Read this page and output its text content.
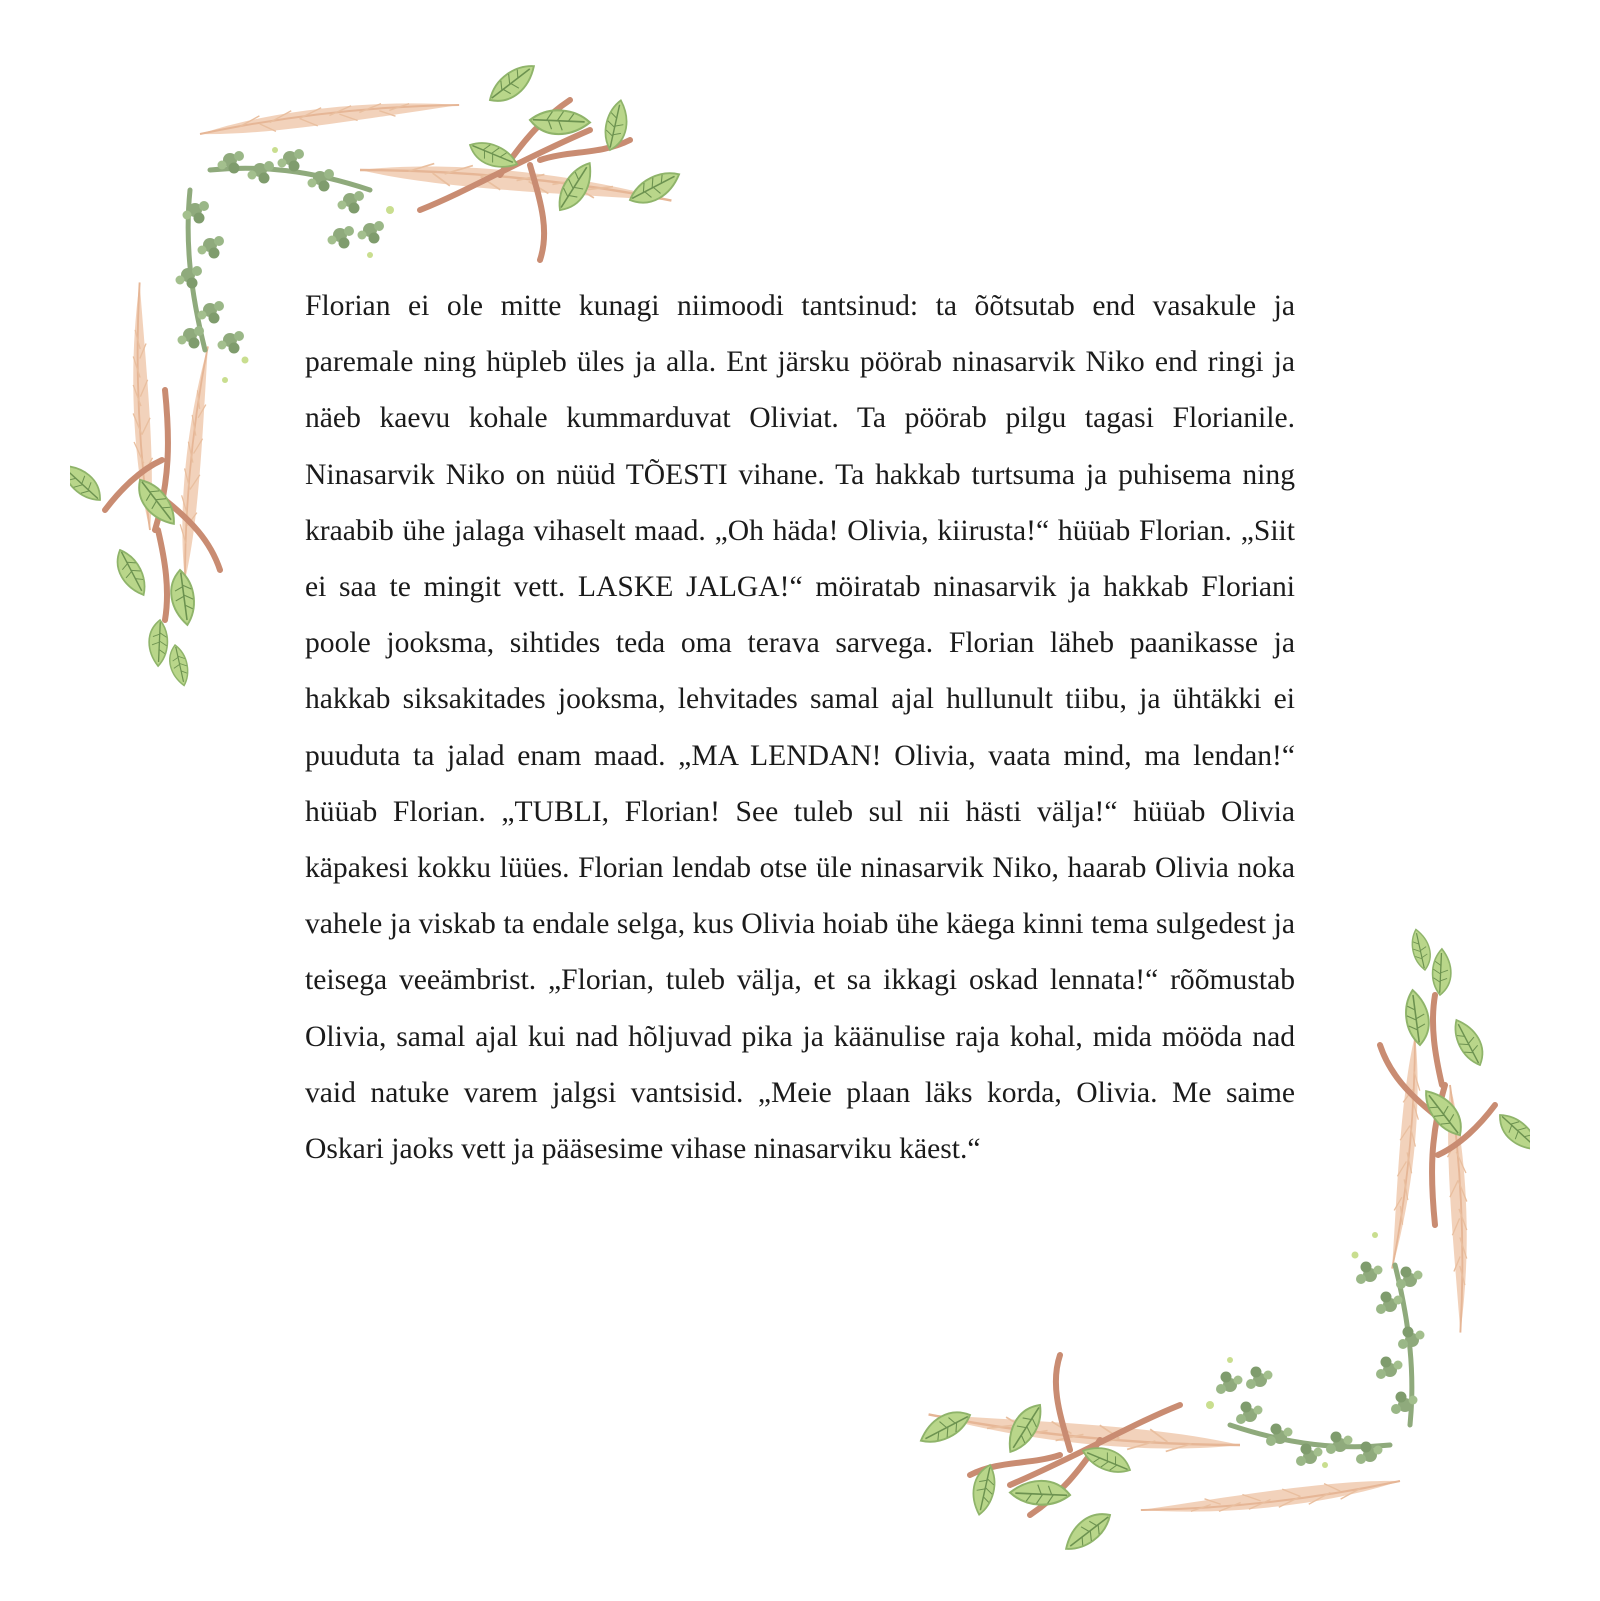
Florian ei ole mitte kunagi niimoodi tantsinud: ta õõtsutab end vasakule ja paremale ning hüpleb üles ja alla. Ent järsku pöörab ninasarvik Niko end ringi ja näeb kaevu kohale kummarduvat Oliviat. Ta pöörab pilgu tagasi Florianile. Ninasarvik Niko on nüüd TÕESTI vihane. Ta hakkab turtsuma ja puhisema ning kraabib ühe jalaga vihaselt maad. „Oh häda! Olivia, kiirusta!“ hüüab Florian. „Siit ei saa te mingit vett. LASKE JALGA!“ möiratab ninasarvik ja hakkab Floriani poole jooksma, sihtides teda oma terava sarvega. Florian läheb paanikasse ja hakkab siksakitades jooksma, lehvitades samal ajal hullunult tiibu, ja ühtäkki ei puuduta ta jalad enam maad. „MA LENDAN! Olivia, vaata mind, ma lendan!“ hüüab Florian. „TUBLI, Florian! See tuleb sul nii hästi välja!“ hüüab Olivia käpakesi kokku lüües. Florian lendab otse üle ninasarvik Niko, haarab Olivia noka vahele ja viskab ta endale selga, kus Olivia hoiab ühe käega kinni tema sulgedest ja teisega veeämbrist. „Florian, tuleb välja, et sa ikkagi oskad lennata!“ rõõmustab Olivia, samal ajal kui nad hõljuvad pika ja käänulise raja kohal, mida mööda nad vaid natuke varem jalgsi vantsisid. „Meie plaan läks korda, Olivia. Me saime Oskari jaoks vett ja pääsesime vihase ninasarviku käest.“
